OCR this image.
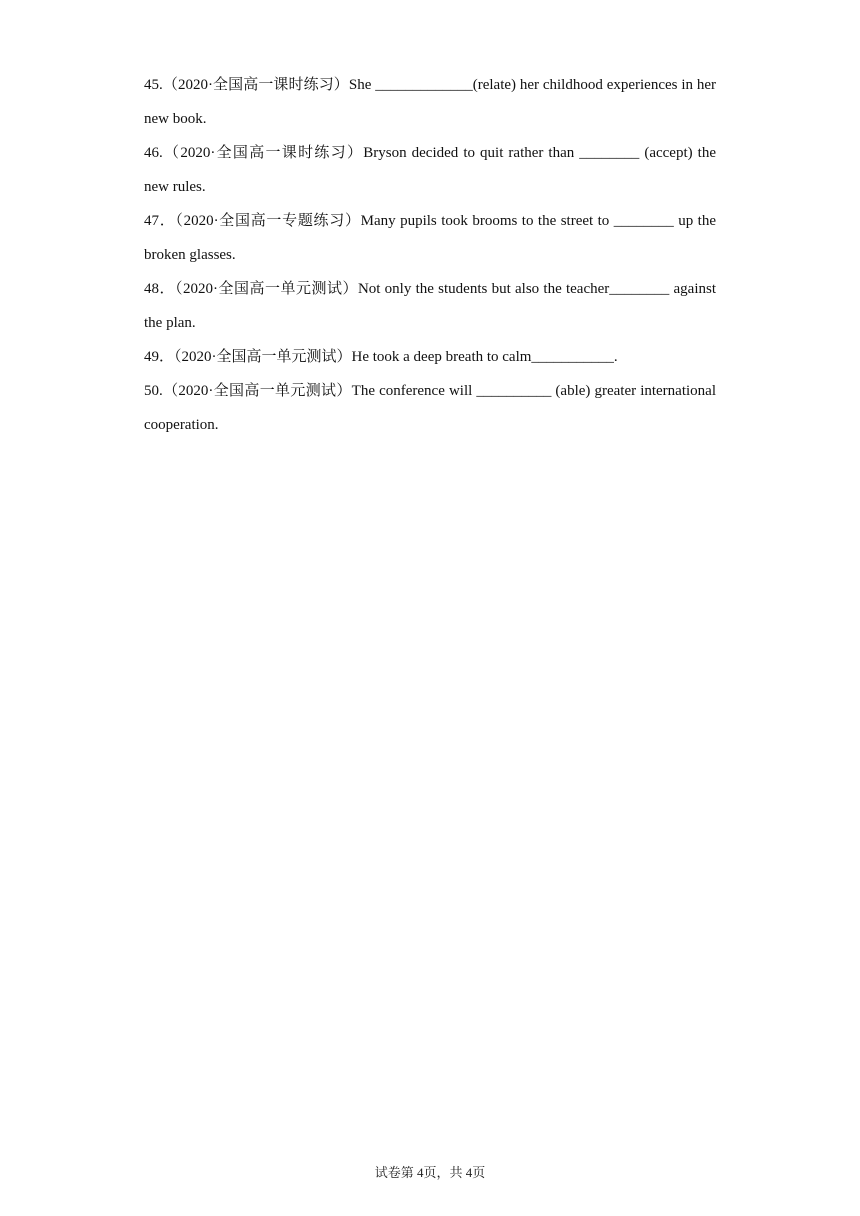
45.（2020·全国高一课时练习）She _____________(relate) her childhood experiences in her new book.

46.（2020·全国高一课时练习）Bryson decided to quit rather than ________ (accept) the new rules.

47．（2020·全国高一专题练习）Many pupils took brooms to the street to ________ up the broken glasses.

48．（2020·全国高一单元测试）Not only the students but also the teacher________ against the plan.

49．（2020·全国高一单元测试）He took a deep breath to calm___________.

50.（2020·全国高一单元测试）The conference will __________ (able) greater international cooperation.

试卷第 4页，共 4页
